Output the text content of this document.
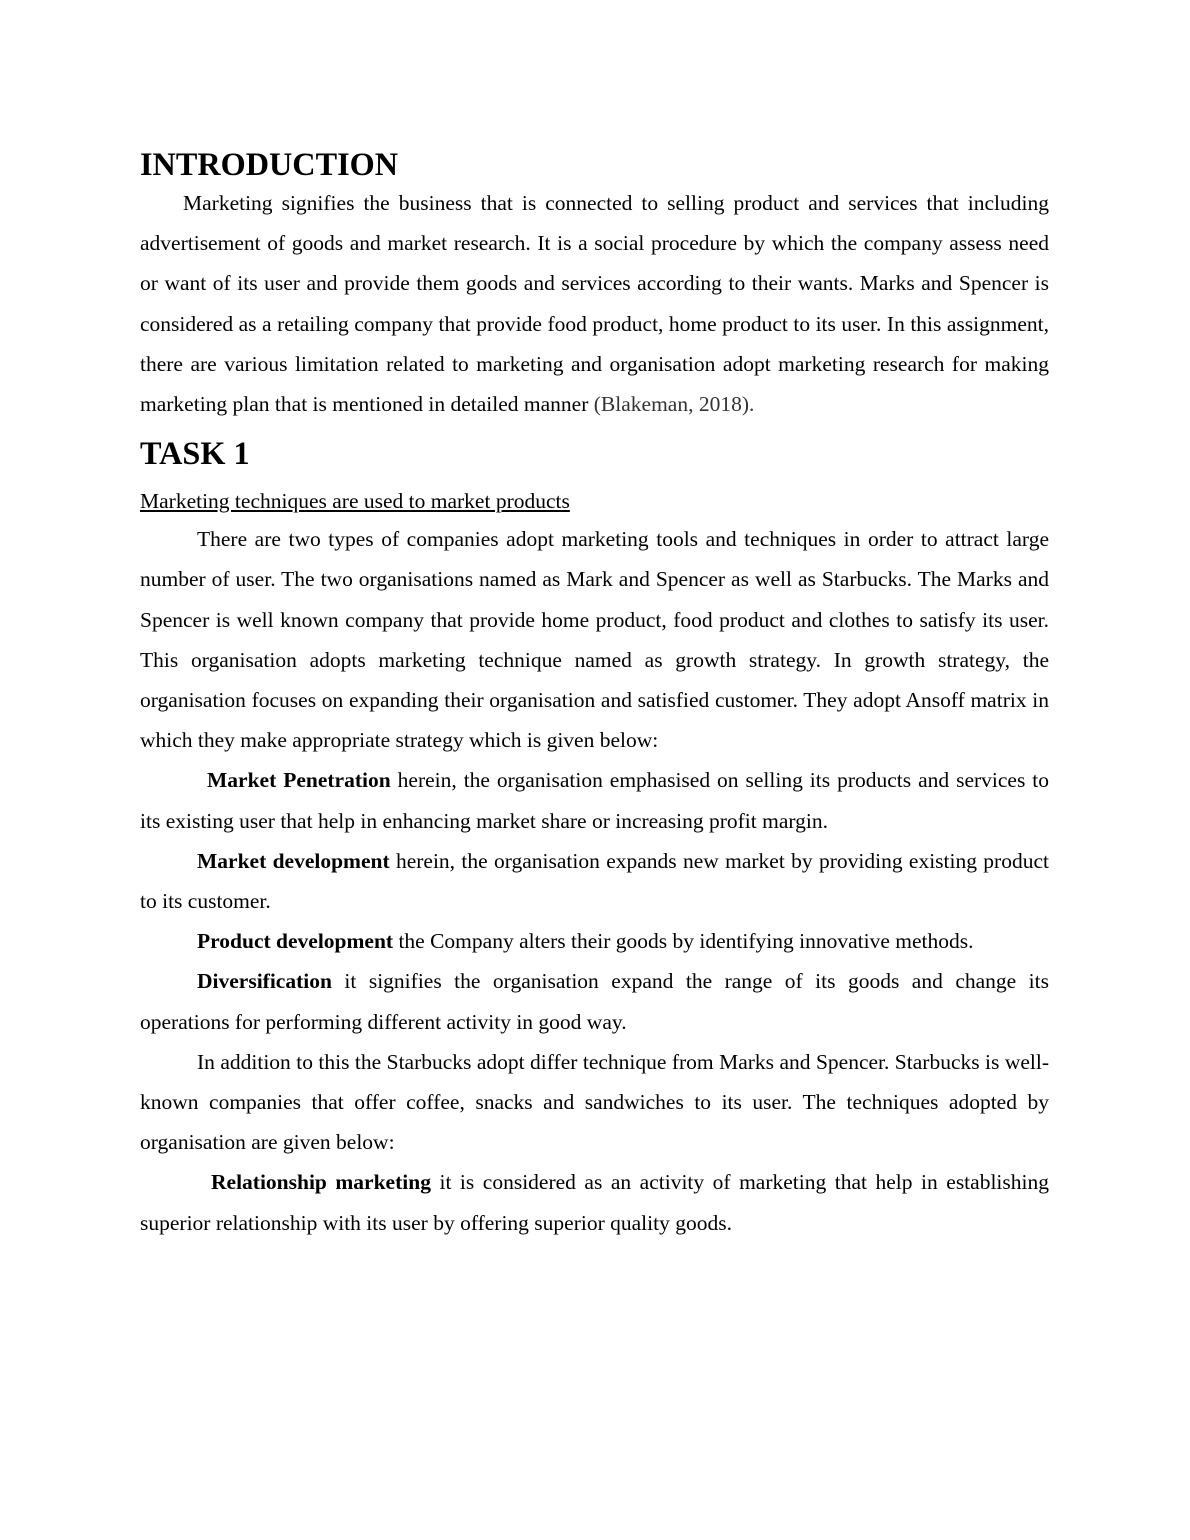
INTRODUCTION

Marketing signifies the business that is connected to selling product and services that including advertisement of goods and market research. It is a social procedure by which the company assess need or want of its user and provide them goods and services according to their wants. Marks and Spencer is considered as a retailing company that provide food product, home product to its user. In this assignment, there are various limitation related to marketing and organisation adopt marketing research for making marketing plan that is mentioned in detailed manner (Blakeman, 2018).

TASK 1

Marketing techniques are used to market products

There are two types of companies adopt marketing tools and techniques in order to attract large number of user. The two organisations named as Mark and Spencer as well as Starbucks. The Marks and Spencer is well known company that provide home product, food product and clothes to satisfy its user. This organisation adopts marketing technique named as growth strategy. In growth strategy, the organisation focuses on expanding their organisation and satisfied customer. They adopt Ansoff matrix in which they make appropriate strategy which is given below:

Market Penetration herein, the organisation emphasised on selling its products and services to its existing user that help in enhancing market share or increasing profit margin.

Market development herein, the organisation expands new market by providing existing product to its customer.

Product development the Company alters their goods by identifying innovative methods.

Diversification it signifies the organisation expand the range of its goods and change its operations for performing different activity in good way.

In addition to this the Starbucks adopt differ technique from Marks and Spencer. Starbucks is well-known companies that offer coffee, snacks and sandwiches to its user. The techniques adopted by organisation are given below:

Relationship marketing it is considered as an activity of marketing that help in establishing superior relationship with its user by offering superior quality goods.
